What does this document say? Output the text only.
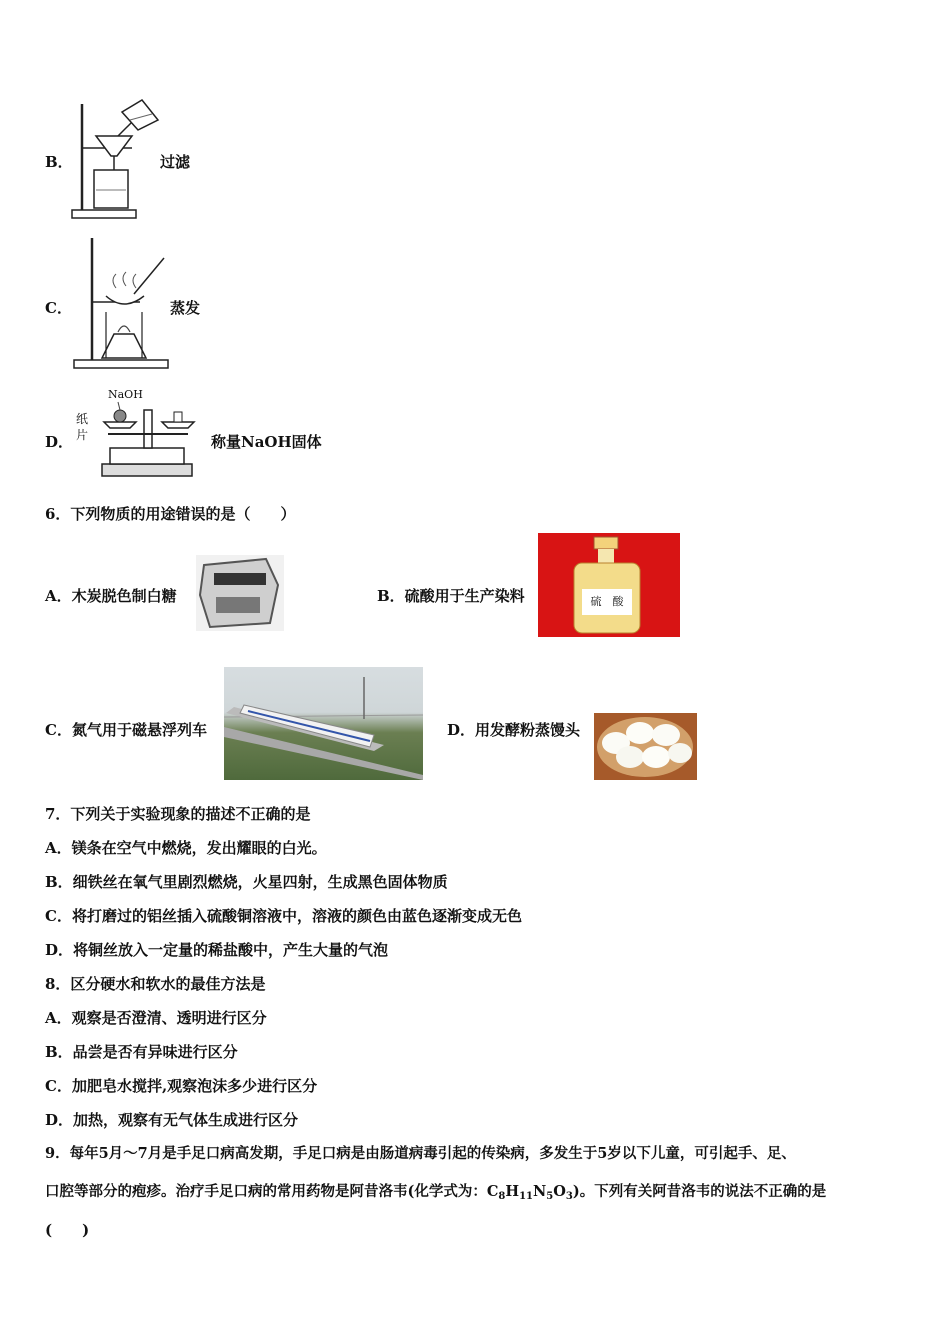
B．	过滤
C．	蒸发
D．
NaOH
纸
片	称量NaOH固体
6．下列物质的用途错误的是（　　）
A．木炭脱色制白糖	B．硫酸用于生产染料	硫　酸
C．氮气用于磁悬浮列车	D．用发酵粉蒸馒头
7．下列关于实验现象的描述不正确的是
A．镁条在空气中燃烧，发出耀眼的白光。
B．细铁丝在氧气里剧烈燃烧，火星四射，生成黑色固体物质
C．将打磨过的铝丝插入硫酸铜溶液中，溶液的颜色由蓝色逐渐变成无色
D．将铜丝放入一定量的稀盐酸中，产生大量的气泡
8．区分硬水和软水的最佳方法是
A．观察是否澄清、透明进行区分
B．品尝是否有异味进行区分
C．加肥皂水搅拌,观察泡沫多少进行区分
D．加热，观察有无气体生成进行区分
9．每年5月～7月是手足口病高发期，手足口病是由肠道病毒引起的传染病，多发生于5岁以下儿童，可引起手、足、
口腔等部分的疱疹。治疗手足口病的常用药物是阿昔洛韦(化学式为：$C_8H_{11}N_5O_3$)。下列有关阿昔洛韦的说法不正确的是
(　　)
